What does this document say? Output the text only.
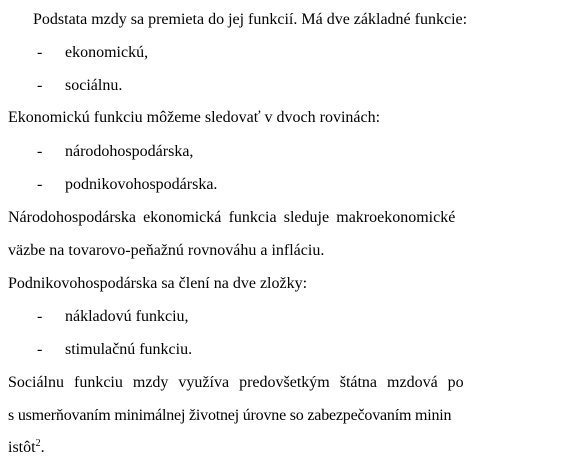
Podstata mzdy sa premieta do jej funkcií. Má dve základné funkcie:
- ekonomickú,
- sociálnu.
Ekonomickú funkciu môžeme sledovať v dvoch rovinách:
- národohospodárska,
- podnikovohospodárska.
Národohospodárska ekonomická funkcia sleduje makroekonomické
väzbe na tovarovo-peňažnú rovnováhu a infláciu.
Podnikovohospodárska sa člení na dve zložky:
- nákladovú funkciu,
- stimulačnú funkciu.
Sociálnu funkciu mzdy využíva predovšetkým štátna mzdová po
s usmerňovaním minimálnej životnej úrovne so zabezpečovaním minin
istôt$^2$.
